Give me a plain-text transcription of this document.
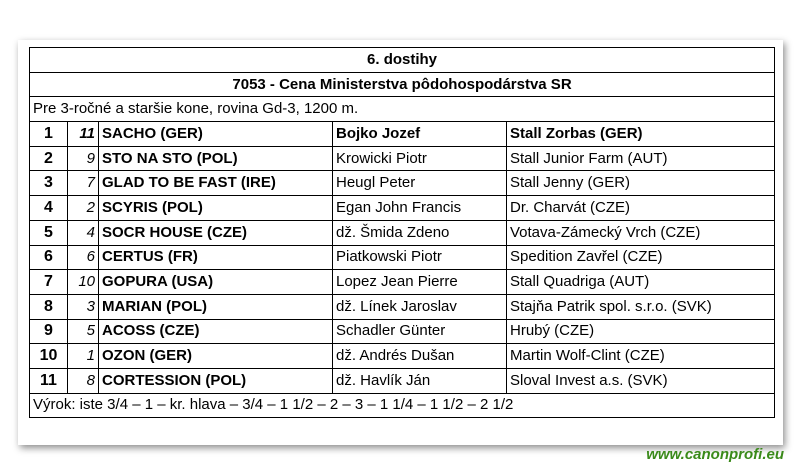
6. dostihy				
7053 - Cena Ministerstva pôdohospodárstva SR				
Pre 3-ročné a staršie kone, rovina Gd-3, 1200 m.				
1	11	SACHO (GER)	Bojko Jozef	Stall Zorbas (GER)
2	9	STO NA STO (POL)	Krowicki Piotr	Stall Junior Farm (AUT)
3	7	GLAD TO BE FAST (IRE)	Heugl Peter	Stall Jenny (GER)
4	2	SCYRIS (POL)	Egan John Francis	Dr. Charvát (CZE)
5	4	SOCR HOUSE (CZE)	dž. Šmida Zdeno	Votava-Zámecký Vrch (CZE)
6	6	CERTUS (FR)	Piatkowski Piotr	Spedition Zavřel (CZE)
7	10	GOPURA (USA)	Lopez Jean Pierre	Stall Quadriga (AUT)
8	3	MARIAN (POL)	dž. Línek Jaroslav	Stajňa Patrik spol. s.r.o. (SVK)
9	5	ACOSS (CZE)	Schadler Günter	Hrubý (CZE)
10	1	OZON (GER)	dž. Andrés Dušan	Martin Wolf-Clint (CZE)
11	8	CORTESSION (POL)	dž. Havlík Ján	Sloval Invest a.s. (SVK)
Výrok: iste 3/4 – 1 – kr. hlava – 3/4 – 1 1/2 – 2 – 3 – 1 1/4 – 1 1/2 – 2 1/2				
www.canonprofi.eu
